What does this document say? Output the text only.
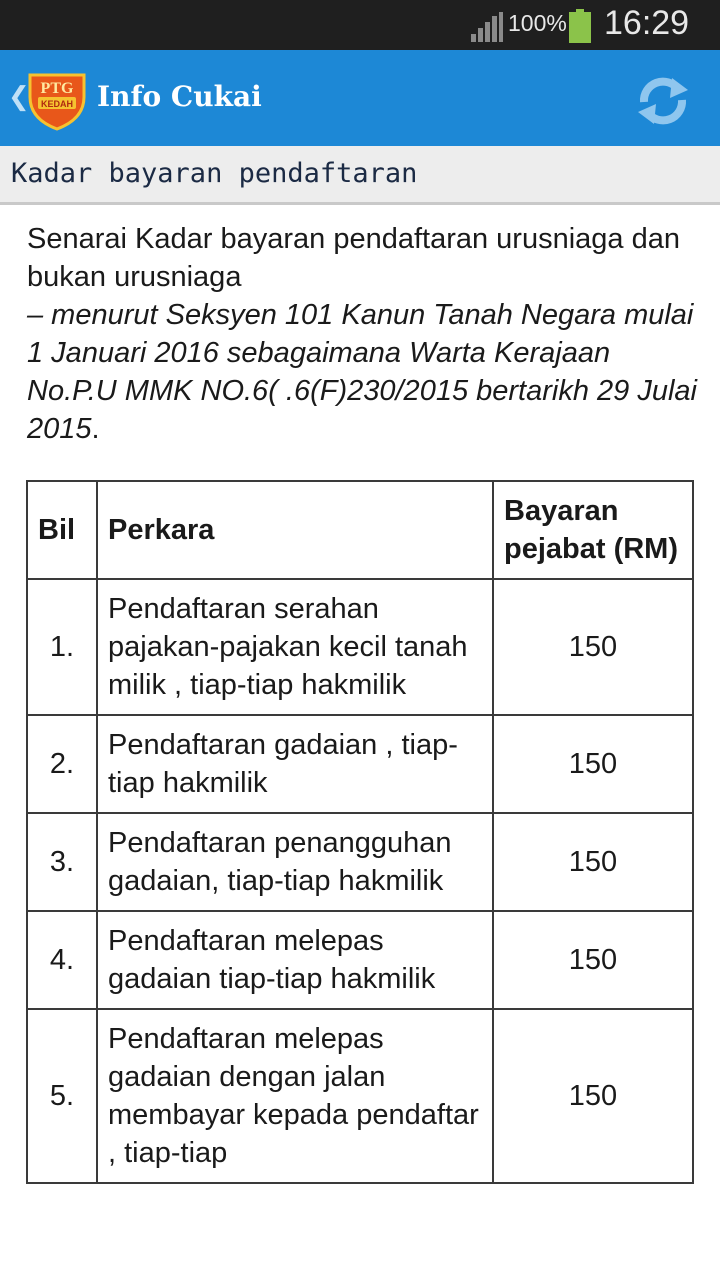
100% 16:29
❮ PTG
KEDAH Info Cukai
Kadar bayaran pendaftaran
Senarai Kadar bayaran pendaftaran urusniaga dan bukan urusniaga
– menurut Seksyen 101 Kanun Tanah Negara mulai 1 Januari 2016 sebagaimana Warta Kerajaan No.P.U MMK NO.6( .6(F)230/2015 bertarikh 29 Julai 2015.
Bil	Perkara	Bayaran pejabat (RM)
1.	Pendaftaran serahan pajakan-pajakan kecil tanah milik , tiap-tiap hakmilik	150
2.	Pendaftaran gadaian , tiap-tiap hakmilik	150
3.	Pendaftaran penangguhan gadaian, tiap-tiap hakmilik	150
4.	Pendaftaran melepas gadaian tiap-tiap hakmilik	150
5.	Pendaftaran melepas gadaian dengan jalan membayar kepada pendaftar , tiap-tiap	150
